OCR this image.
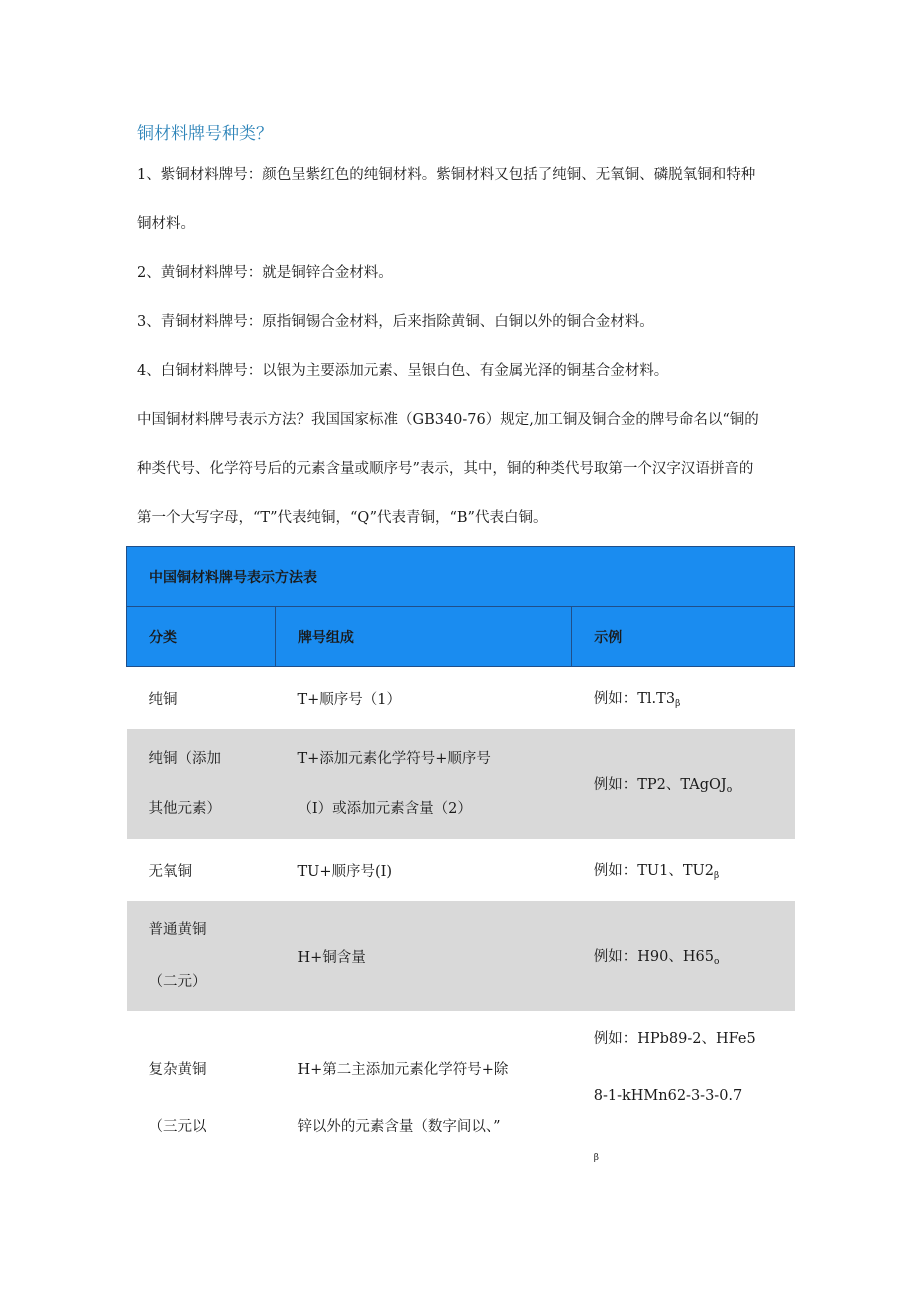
铜材料牌号种类？
1、紫铜材料牌号：颜色呈紫红色的纯铜材料。紫铜材料又包括了纯铜、无氧铜、磷脱氧铜和特种
铜材料。
2、黄铜材料牌号：就是铜锌合金材料。
3、青铜材料牌号：原指铜锡合金材料，后来指除黄铜、白铜以外的铜合金材料。
4、白铜材料牌号：以银为主要添加元素、呈银白色、有金属光泽的铜基合金材料。
中国铜材料牌号表示方法？我国国家标准（GB340-76）规定,加工铜及铜合金的牌号命名以“铜的
种类代号、化学符号后的元素含量或顺序号”表示，其中，铜的种类代号取第一个汉字汉语拼音的
第一个大写字母，“T”代表纯铜，“Q”代表青铜，“B”代表白铜。
中国铜材料牌号表示方法表		
分类	牌号组成	示例
纯铜	T+顺序号（1）	例如：$Tl.T3_\beta$

纯铜（添加
其他元素）	T+添加元素化学符号+顺序号
（I）或添加元素含量（2）	例如：TP2、TAgOJ$_o$
无氧铜	TU+顺序号(I)	例如：TU1、$TU2_\beta$

普通黄铜
（二元）	H+铜含量	例如：H90、$H65_o$

复杂黄铜
（三元以	H+第二主添加元素化学符号+除
锌以外的元素含量（数字间以、”	例如：HPb89-2、HFe5
8-1-kHMn62-3-3-0.7
$_\beta$
